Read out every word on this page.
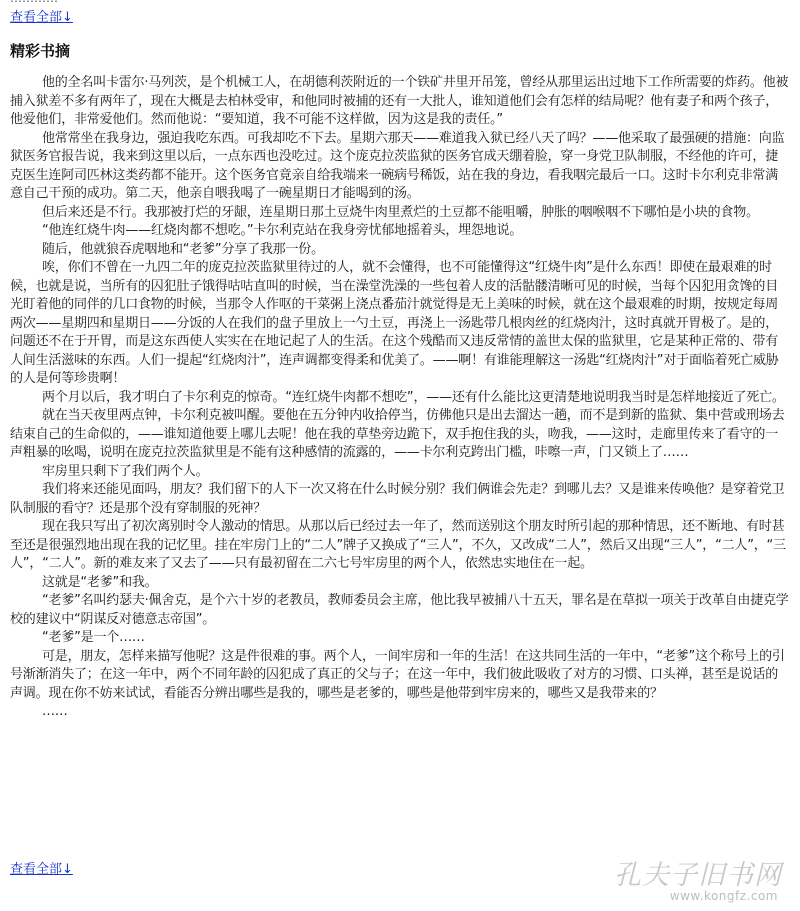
查看全部↓
精彩书摘

他的全名叫卡雷尔·马列茨，是个机械工人，在胡德利茨附近的一个铁矿井里开吊笼，曾经从那里运出过地下工作所需要的炸药。他被捕入狱差不多有两年了，现在大概是去柏林受审，和他同时被捕的还有一大批人，谁知道他们会有怎样的结局呢？他有妻子和两个孩子，他爱他们，非常爱他们。然而他说：“要知道，我不可能不这样做，因为这是我的责任。”

他常常坐在我身边，强迫我吃东西。可我却吃不下去。星期六那天——难道我入狱已经八天了吗？——他采取了最强硬的措施：向监狱医务官报告说，我来到这里以后，一点东西也没吃过。这个庞克拉茨监狱的医务官成天绷着脸，穿一身党卫队制服，不经他的许可，捷克医生连阿司匹林这类药都不能开。这个医务官竟亲自给我端来一碗病号稀饭，站在我的身边，看我咽完最后一口。这时卡尔利克非常满意自己干预的成功。第二天，他亲自喂我喝了一碗星期日才能喝到的汤。

但后来还是不行。我那被打烂的牙龈，连星期日那土豆烧牛肉里煮烂的土豆都不能咀嚼，肿胀的咽喉咽不下哪怕是小块的食物。

“他连红烧牛肉——红烧肉都不想吃。”卡尔利克站在我身旁忧郁地摇着头，埋怨地说。

随后，他就狼吞虎咽地和“老爹”分享了我那一份。

唉，你们不曾在一九四二年的庞克拉茨监狱里待过的人，就不会懂得，也不可能懂得这“红烧牛肉”是什么东西！即使在最艰难的时候，也就是说，当所有的囚犯肚子饿得咕咕直叫的时候，当在澡堂洗澡的一些包着人皮的活骷髅清晰可见的时候，当每个囚犯用贪馋的目光盯着他的同伴的几口食物的时候，当那令人作呕的干菜粥上浇点番茄汁就觉得是无上美味的时候，就在这个最艰难的时期，按规定每周两次——星期四和星期日——分饭的人在我们的盘子里放上一勺土豆，再浇上一汤匙带几根肉丝的红烧肉汁，这时真就开胃极了。是的，问题还不在于开胃，而是这东西使人实实在在地记起了人的生活。在这个残酷而又违反常情的盖世太保的监狱里，它是某种正常的、带有人间生活滋味的东西。人们一提起“红烧肉汁”，连声调都变得柔和优美了。——啊！有谁能理解这一汤匙“红烧肉汁”对于面临着死亡威胁的人是何等珍贵啊！

两个月以后，我才明白了卡尔利克的惊奇。“连红烧牛肉都不想吃”，——还有什么能比这更清楚地说明我当时是怎样地接近了死亡。

就在当天夜里两点钟，卡尔利克被叫醒。要他在五分钟内收拾停当，仿佛他只是出去溜达一趟，而不是到新的监狱、集中营或刑场去结束自己的生命似的，——谁知道他要上哪儿去呢！他在我的草垫旁边跪下，双手抱住我的头，吻我，——这时，走廊里传来了看守的一声粗暴的吆喝，说明在庞克拉茨监狱里是不能有这种感情的流露的，——卡尔利克跨出门槛，咔嚓一声，门又锁上了……

牢房里只剩下了我们两个人。

我们将来还能见面吗，朋友？我们留下的人下一次又将在什么时候分别？我们俩谁会先走？到哪儿去？又是谁来传唤他？是穿着党卫队制服的看守？还是那个没有穿制服的死神？

现在我只写出了初次离别时令人激动的情思。从那以后已经过去一年了，然而送别这个朋友时所引起的那种情思，还不断地、有时甚至还是很强烈地出现在我的记忆里。挂在牢房门上的“二人”牌子又换成了“三人”，不久，又改成“二人”，然后又出现“三人”，“二人”，“三人”，“二人”。新的难友来了又去了——只有最初留在二六七号牢房里的两个人，依然忠实地住在一起。

这就是“老爹”和我。

“老爹”名叫约瑟夫·佩舍克，是个六十岁的老教员，教师委员会主席，他比我早被捕八十五天，罪名是在草拟一项关于改革自由捷克学校的建议中“阴谋反对德意志帝国”。

“老爹”是一个……

可是，朋友，怎样来描写他呢？这是件很难的事。两个人，一间牢房和一年的生活！在这共同生活的一年中，“老爹”这个称号上的引号渐渐消失了；在这一年中，两个不同年龄的囚犯成了真正的父与子；在这一年中，我们彼此吸收了对方的习惯、口头禅，甚至是说话的声调。现在你不妨来试试，看能否分辨出哪些是我的，哪些是老爹的，哪些是他带到牢房来的，哪些又是我带来的？

……

查看全部↓	孔夫子旧书网
www.kongfz.com
